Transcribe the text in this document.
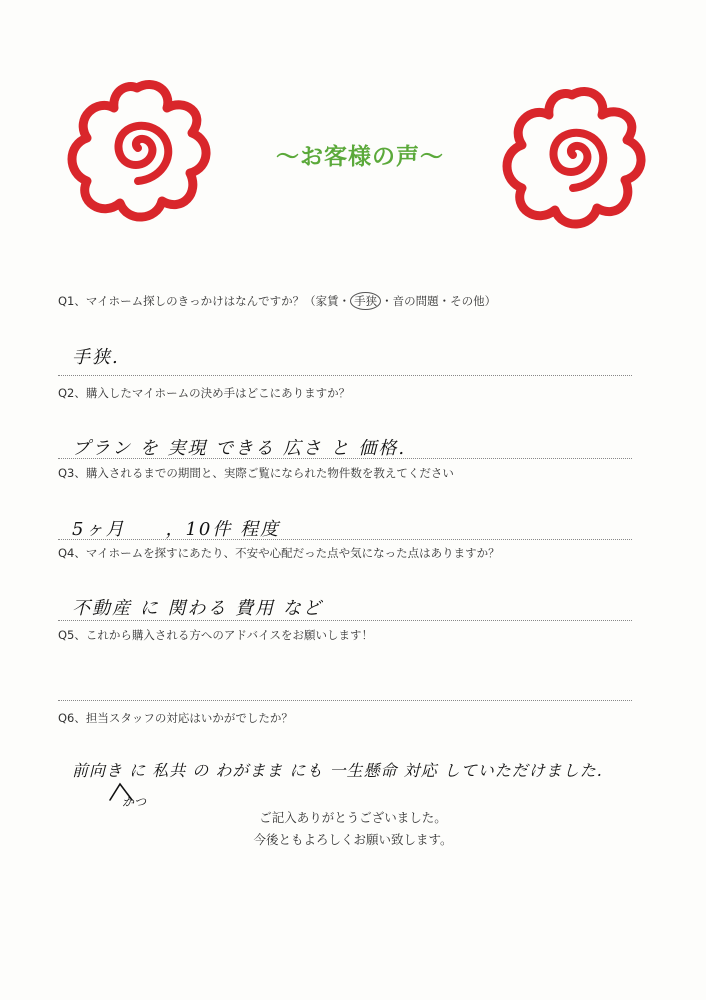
〜お客様の声〜
Q1、マイホーム探しのきっかけはなんですか？（家賃・ 手狭 ・音の問題・その他）
手狭.
Q2、購入したマイホームの決め手はどこにありますか？
プラン を 実現 できる 広さ と 価格.
Q3、購入されるまでの期間と、実際ご覧になられた物件数を教えてください
5ヶ月　　，10件 程度
Q4、マイホームを探すにあたり、不安や心配だった点や気になった点はありますか？
不動産 に 関わる 費用 など
Q5、これから購入される方へのアドバイスをお願いします！
Q6、担当スタッフの対応はいかがでしたか？
前向き に 私共 の わがまま にも 一生懸命 対応 していただけました.
かつ
ご記入ありがとうございました。
今後ともよろしくお願い致します。
